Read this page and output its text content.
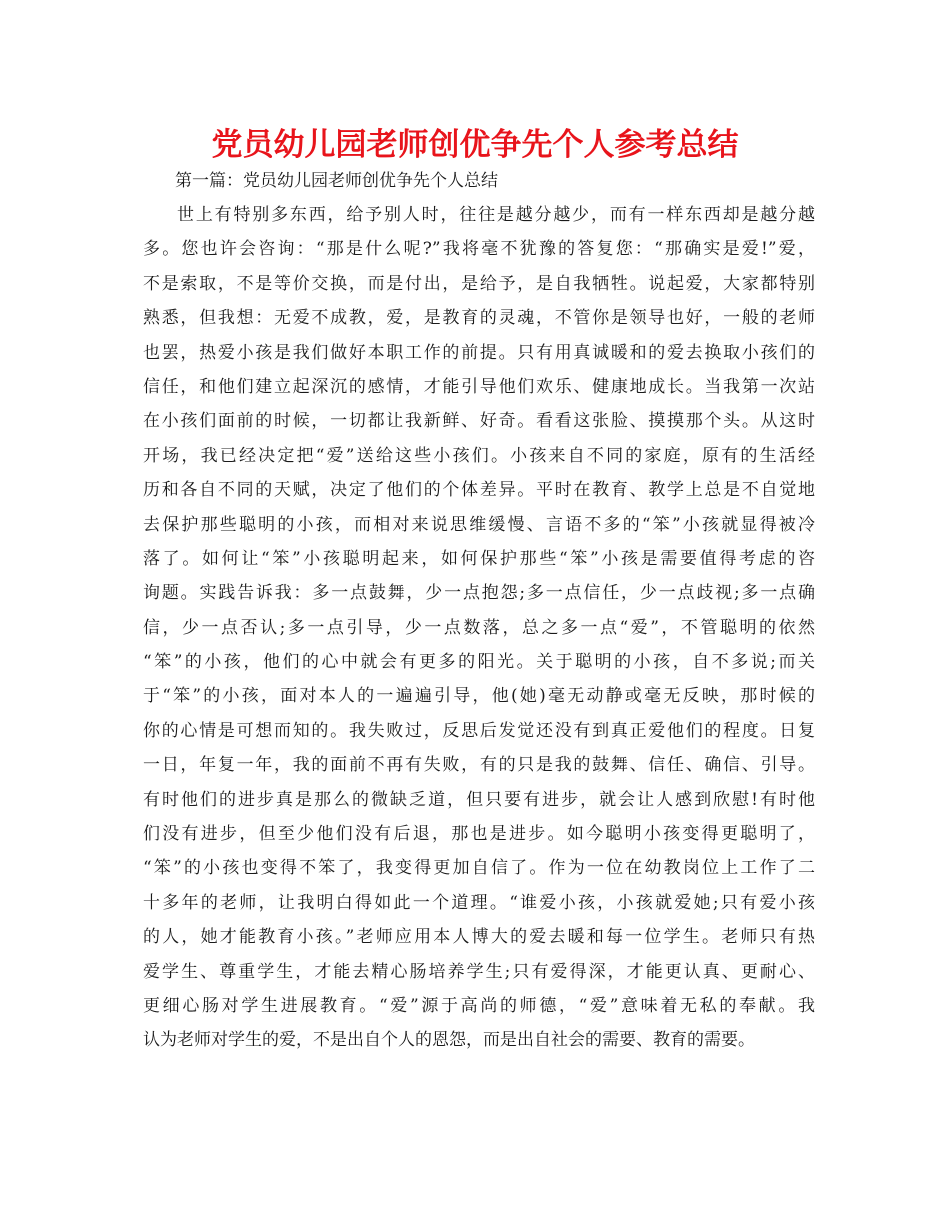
党员幼儿园老师创优争先个人参考总结

第一篇：党员幼儿园老师创优争先个人总结

世上有特别多东西，给予别人时，往往是越分越少，而有一样东西却是越分越
多。您也许会咨询：“那是什么呢?”我将毫不犹豫的答复您：“那确实是爱!”爱，
不是索取，不是等价交换，而是付出，是给予，是自我牺牲。说起爱，大家都特别
熟悉，但我想：无爱不成教，爱，是教育的灵魂，不管你是领导也好，一般的老师
也罢，热爱小孩是我们做好本职工作的前提。只有用真诚暖和的爱去换取小孩们的
信任，和他们建立起深沉的感情，才能引导他们欢乐、健康地成长。当我第一次站
在小孩们面前的时候，一切都让我新鲜、好奇。看看这张脸、摸摸那个头。从这时
开场，我已经决定把“爱”送给这些小孩们。小孩来自不同的家庭，原有的生活经
历和各自不同的天赋，决定了他们的个体差异。平时在教育、教学上总是不自觉地
去保护那些聪明的小孩，而相对来说思维缓慢、言语不多的“笨”小孩就显得被冷
落了。如何让“笨”小孩聪明起来，如何保护那些“笨”小孩是需要值得考虑的咨
询题。实践告诉我：多一点鼓舞，少一点抱怨;多一点信任，少一点歧视;多一点确
信，少一点否认;多一点引导，少一点数落，总之多一点“爱”，不管聪明的依然
“笨”的小孩，他们的心中就会有更多的阳光。关于聪明的小孩，自不多说;而关
于“笨”的小孩，面对本人的一遍遍引导，他(她)毫无动静或毫无反映，那时候的
你的心情是可想而知的。我失败过，反思后发觉还没有到真正爱他们的程度。日复
一日，年复一年，我的面前不再有失败，有的只是我的鼓舞、信任、确信、引导。
有时他们的进步真是那么的微缺乏道，但只要有进步，就会让人感到欣慰!有时他
们没有进步，但至少他们没有后退，那也是进步。如今聪明小孩变得更聪明了，
“笨”的小孩也变得不笨了，我变得更加自信了。作为一位在幼教岗位上工作了二
十多年的老师，让我明白得如此一个道理。“谁爱小孩，小孩就爱她;只有爱小孩
的人，她才能教育小孩。”老师应用本人博大的爱去暖和每一位学生。老师只有热
爱学生、尊重学生，才能去精心肠培养学生;只有爱得深，才能更认真、更耐心、
更细心肠对学生进展教育。“爱”源于高尚的师德，“爱”意味着无私的奉献。我
认为老师对学生的爱，不是出自个人的恩怨，而是出自社会的需要、教育的需要。
